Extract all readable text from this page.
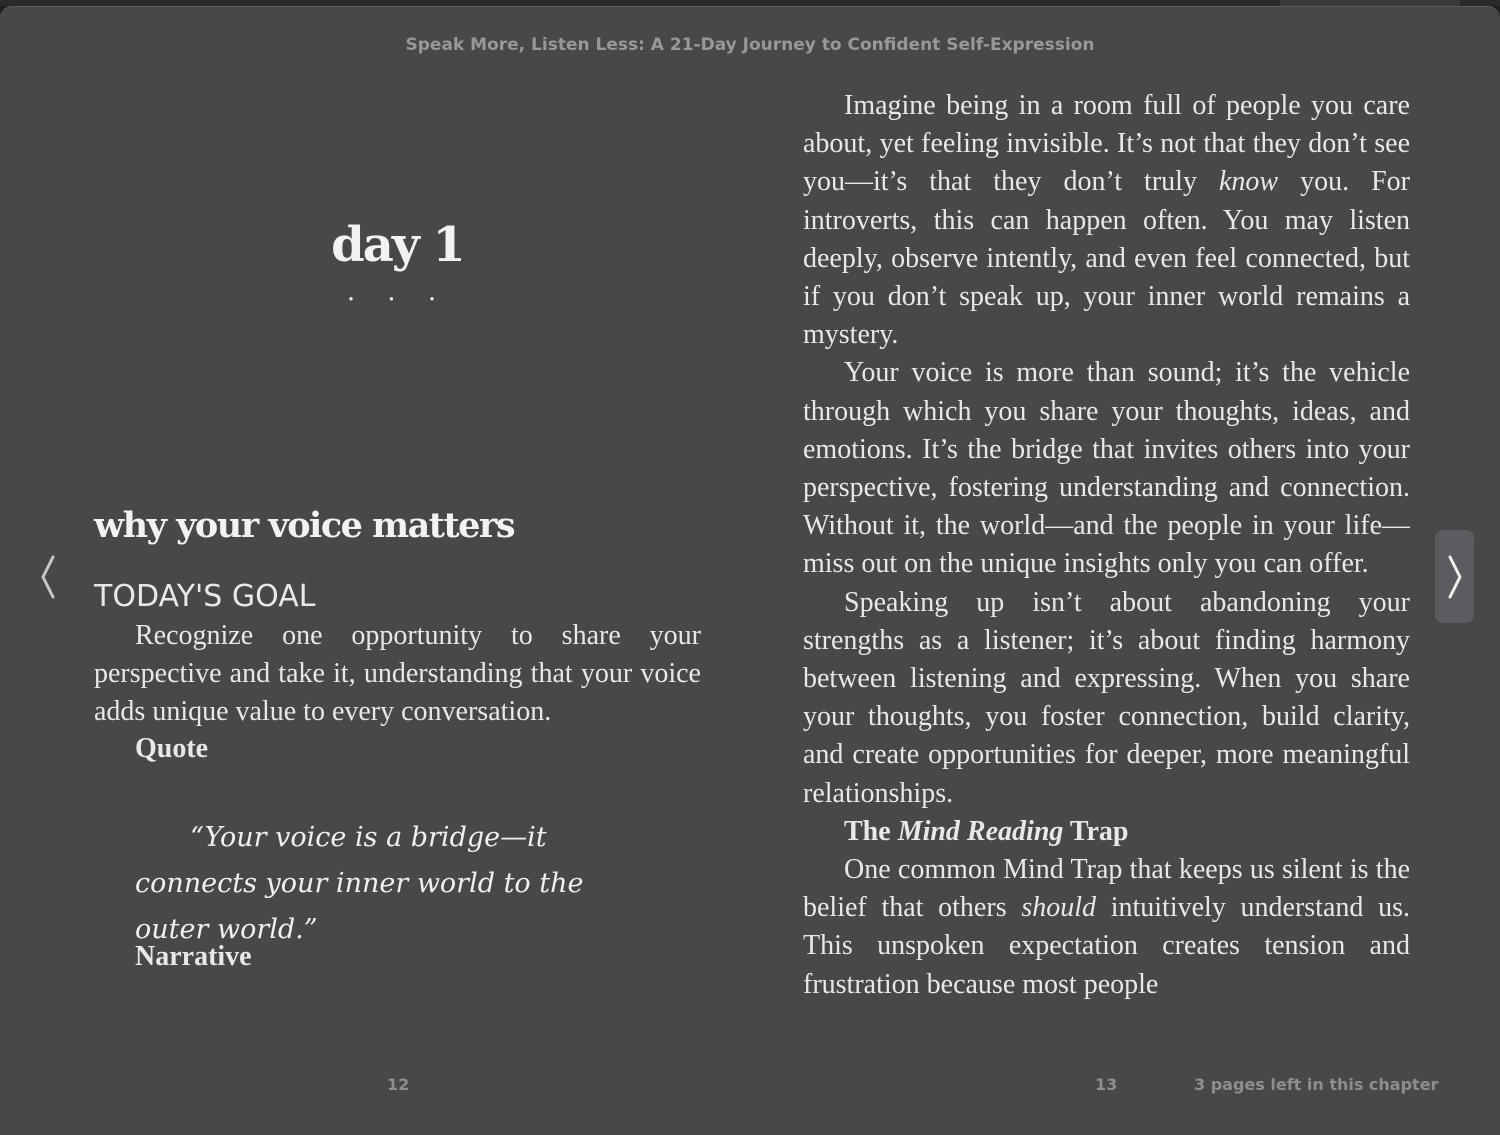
Speak More, Listen Less: A 21-Day Journey to Confident Self-Expression
day 1
· · ·
why your voice matters
TODAY'S GOAL

Recognize one opportunity to share your perspective and take it, understanding that your voice adds unique value to every conversation.

Quote
“Your voice is a bridge—it connects your inner world to the outer world.”
Narrative

Imagine being in a room full of people you care about, yet feeling invisible. It’s not that they don’t see you—it’s that they don’t truly know you. For introverts, this can happen often. You may listen deeply, observe intently, and even feel connected, but if you don’t speak up, your inner world remains a mystery.

Your voice is more than sound; it’s the vehicle through which you share your thoughts, ideas, and emotions. It’s the bridge that invites others into your perspective, fostering understanding and connection. Without it, the world—and the people in your life—miss out on the unique insights only you can offer.

Speaking up isn’t about abandoning your strengths as a listener; it’s about finding harmony between listening and expressing. When you share your thoughts, you foster connection, build clarity, and create opportunities for deeper, more meaningful relationships.

The Mind Reading Trap

One common Mind Trap that keeps us silent is the belief that others should intuitively understand us. This unspoken expectation creates tension and frustration because most people

12	13	3 pages left in this chapter
